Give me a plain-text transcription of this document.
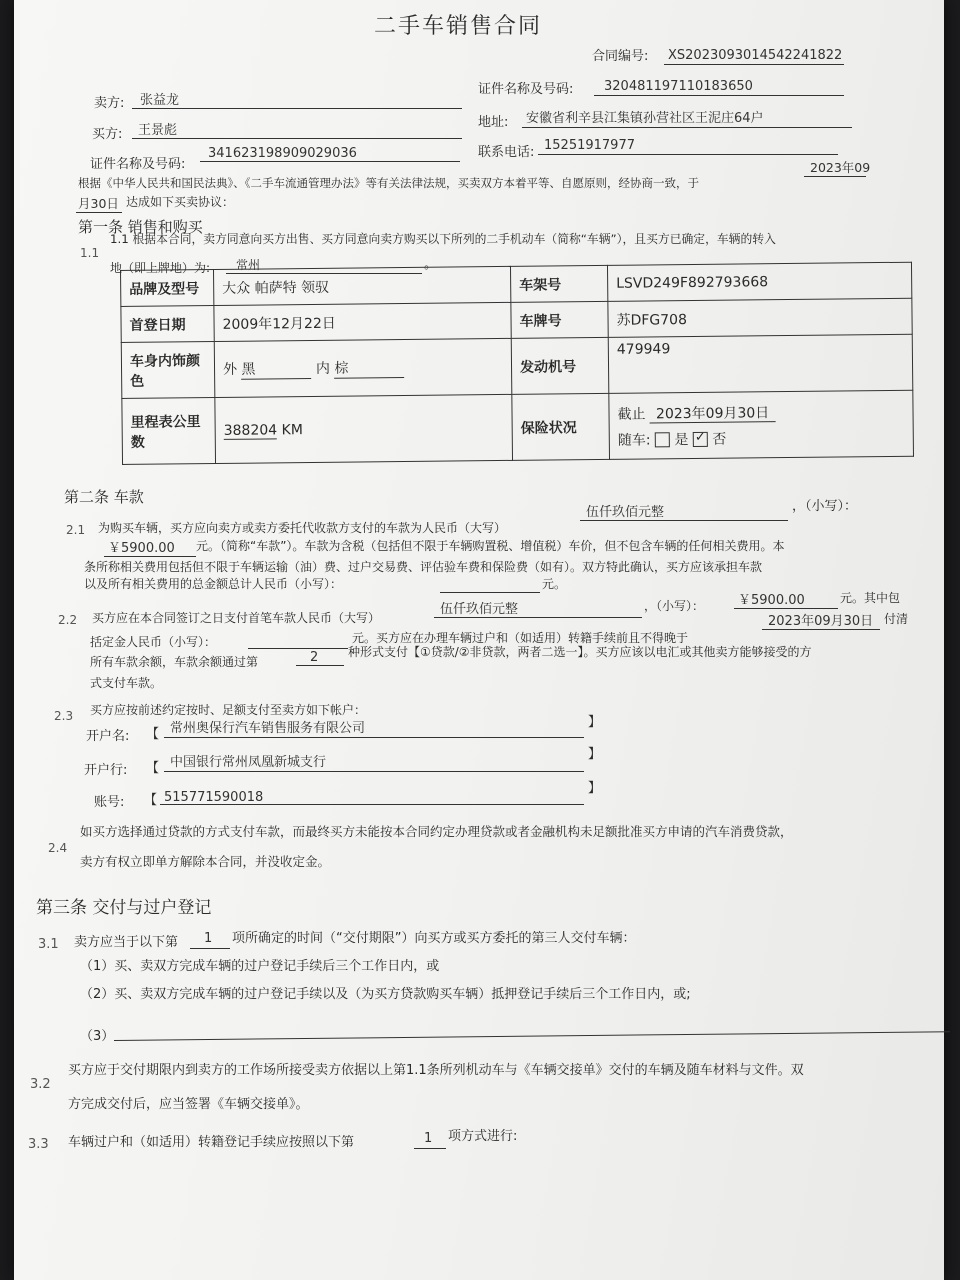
二手车销售合同
合同编号: XS2023093014542241822
卖方: 张益龙
证件名称及号码: 320481197110183650
买方: 王景彪
地址: 安徽省利辛县江集镇孙营社区王泥庄64户
证件名称及号码:
341623198909029036	联系电话: 15251917977
根据《中华人民共和国民法典》、《二手车流通管理办法》等有关法律法规，买卖双方本着平等、自愿原则，经协商一致，于
2023年09
月30日 达成如下买卖协议：
第一条 销售和购买
1.1
1.1 根据本合同，卖方同意向买方出售、买方同意向卖方购买以下所列的二手机动车（简称“车辆”），且买方已确定，车辆的转入
地（即上牌地）为: 常州	。
品牌及型号	大众 帕萨特 领驭	车架号	LSVD249F892793668
首登日期	2009年12月22日	车牌号	苏DFG708
车身内饰颜色	外 黑 内 棕	发动机号	479949
里程表公里数	388204 KM	保险状况	截止 2023年09月30日
随车: 是 ✓ 否
第二条 车款
2.1 为购买车辆，买方应向卖方或卖方委托代收款方支付的车款为人民币（大写）
伍仟玖佰元整	，（小写）：
￥5900.00 元。（简称“车款”）。车款为含税（包括但不限于车辆购置税、增值税）车价，但不包含车辆的任何相关费用。本
条所称相关费用包括但不限于车辆运输（油）费、过户交易费、评估验车费和保险费（如有）。双方特此确认，买方应该承担车款
以及所有相关费用的总金额总计人民币（小写）：	元。
2.2 买方应在本合同签订之日支付首笔车款人民币（大写）
伍仟玖佰元整	，（小写）：	￥5900.00	元。其中包
括定金人民币（小写）：	元。买方应在办理车辆过户和（如适用）转籍手续前且不得晚于
2023年09月30日 付清
所有车款余额，车款余额通过第	2 种形式支付【①贷款/②非贷款，两者二选一】。买方应该以电汇或其他卖方能够接受的方
式支付车款。
2.3 买方应按前述约定按时、足额支付至卖方如下帐户：
开户名: 【 常州奥保行汽车销售服务有限公司	】
开户行: 【 中国银行常州凤凰新城支行
】
账号: 【 515771590018
】
2.4
如买方选择通过贷款的方式支付车款，而最终买方未能按本合同约定办理贷款或者金融机构未足额批准买方申请的汽车消费贷款，
卖方有权立即单方解除本合同，并没收定金。
第三条 交付与过户登记
3.1 卖方应当于以下第 1 项所确定的时间（“交付期限”）向买方或买方委托的第三人交付车辆：
（1）买、卖双方完成车辆的过户登记手续后三个工作日内，或
（2）买、卖双方完成车辆的过户登记手续以及（为买方贷款购买车辆）抵押登记手续后三个工作日内，或;
（3）
3.2
买方应于交付期限内到卖方的工作场所接受卖方依据以上第1.1条所列机动车与《车辆交接单》交付的车辆及随车材料与文件。双
方完成交付后，应当签署《车辆交接单》。
3.3 车辆过户和（如适用）转籍登记手续应按照以下第	1 项方式进行:
